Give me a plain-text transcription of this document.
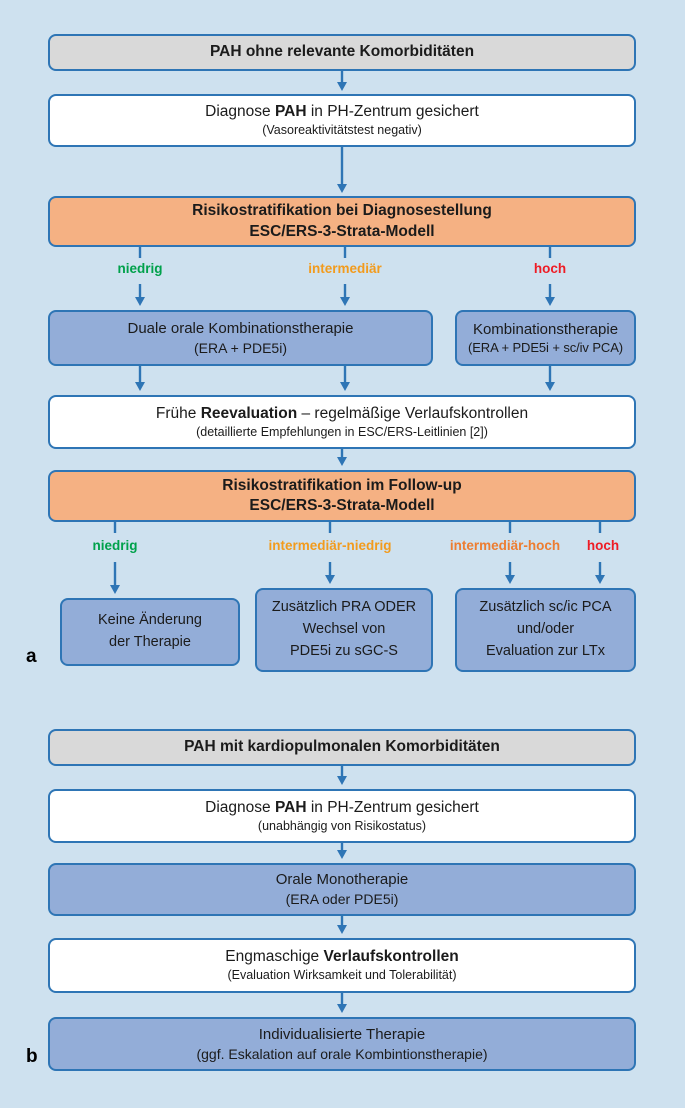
PAH ohne relevante Komorbiditäten
Diagnose PAH in PH-Zentrum gesichert
(Vasoreaktivitätstest negativ)
Risikostratifikation bei Diagnosestellung
ESC/ERS-3-Strata-Modell
niedrig	intermediär	hoch
Duale orale Kombinationstherapie
(ERA + PDE5i)
Kombinationstherapie
(ERA + PDE5i + sc/iv PCA)
Frühe Reevaluation – regelmäßige Verlaufskontrollen
(detaillierte Empfehlungen in ESC/ERS-Leitlinien [2])
Risikostratifikation im Follow-up
ESC/ERS-3-Strata-Modell
niedrig	intermediär-niedrig	intermediär-hoch	hoch
Keine Änderung
der Therapie
Zusätzlich PRA ODER
Wechsel von
PDE5i zu sGC-S
Zusätzlich sc/ic PCA
und/oder
Evaluation zur LTx
a
PAH mit kardiopulmonalen Komorbiditäten
Diagnose PAH in PH-Zentrum gesichert
(unabhängig von Risikostatus)
Orale Monotherapie
(ERA oder PDE5i)
Engmaschige Verlaufskontrollen
(Evaluation Wirksamkeit und Tolerabilität)
Individualisierte Therapie
(ggf. Eskalation auf orale Kombintionstherapie)
b
